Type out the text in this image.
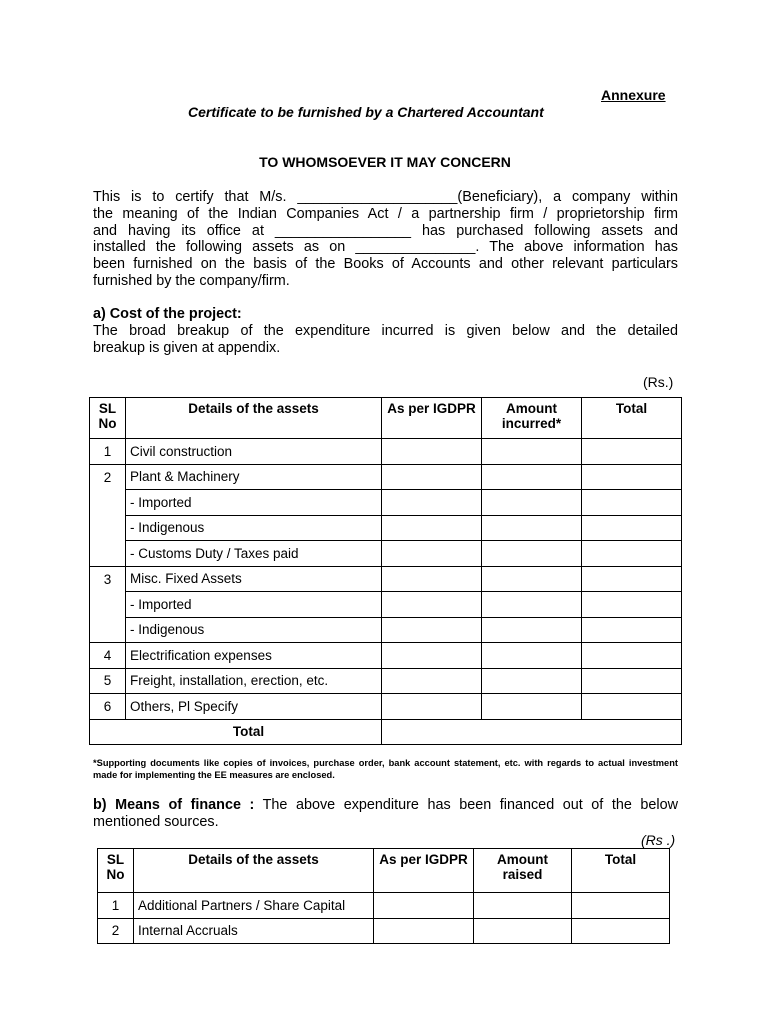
Annexure
Certificate to be furnished by a Chartered Accountant
TO WHOMSOEVER IT MAY CONCERN
This is to certify that M/s. ____________________(Beneficiary), a company within
the meaning of the Indian Companies Act / a partnership firm / proprietorship firm
and having its office at _________________ has purchased following assets and
installed the following assets as on _______________. The above information has
been furnished on the basis of the Books of Accounts and other relevant particulars
furnished by the company/firm.
a) Cost of the project:
The broad breakup of the expenditure incurred is given below and the detailed
breakup is given at appendix.
(Rs.)
SL No	Details of the assets	As per IGDPR	Amount incurred*	Total
1	Civil construction			
2	Plant & Machinery			
	- Imported			
	- Indigenous			
	- Customs Duty / Taxes paid			
3	Misc. Fixed Assets			
	- Imported			
	- Indigenous			
4	Electrification expenses			
5	Freight, installation, erection, etc.			
6	Others, Pl Specify			
Total				
*Supporting documents like copies of invoices, purchase order, bank account statement, etc. with regards to actual investment made for implementing the EE measures are enclosed.
b) Means of finance : The above expenditure has been financed out of the below
mentioned sources.
(Rs .)
SL No	Details of the assets	As per IGDPR	Amount raised	Total
1	Additional Partners / Share Capital			
2	Internal Accruals			
